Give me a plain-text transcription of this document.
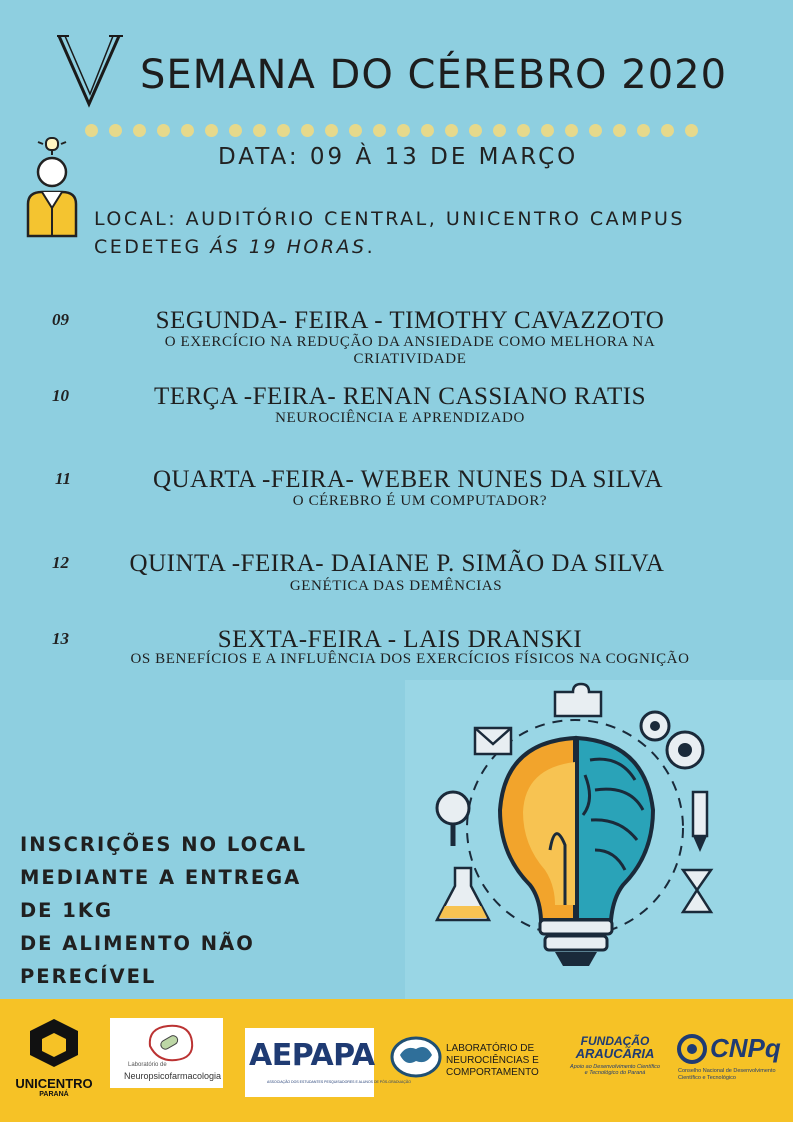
SEMANA DO CÉREBRO 2020
DATA: 09 À 13 DE MARÇO
LOCAL: AUDITÓRIO CENTRAL, UNICENTRO CAMPUS
CEDETEG ÁS 19 HORAS.
09	SEGUNDA- FEIRA - TIMOTHY CAVAZZOTO
O EXERCÍCIO NA REDUÇÃO DA ANSIEDADE COMO MELHORA NA CRIATIVIDADE
10	TERÇA -FEIRA- RENAN CASSIANO RATIS
NEUROCIÊNCIA E APRENDIZADO
11	QUARTA -FEIRA- WEBER NUNES DA SILVA
O CÉREBRO É UM COMPUTADOR?
12	QUINTA -FEIRA- DAIANE P. SIMÃO DA SILVA
GENÉTICA DAS DEMÊNCIAS
13	SEXTA-FEIRA - LAIS DRANSKI
OS BENEFÍCIOS E A INFLUÊNCIA DOS EXERCÍCIOS FÍSICOS NA COGNIÇÃO
INSCRIÇÕES NO LOCAL
MEDIANTE A ENTREGA
DE 1KG
DE ALIMENTO NÃO
PERECÍVEL
UNICENTRO
PARANÁ
Laboratório de
Neuropsicofarmacologia
AEPAPA
ASSOCIAÇÃO DOS ESTUDANTES PESQUISADORES E ALUNOS DE PÓS-GRADUAÇÃO
LABORATÓRIO DE
NEUROCIÊNCIAS E
COMPORTAMENTO
FUNDAÇÃO
ARAUCÁRIA
Apoio ao Desenvolvimento Científico
e Tecnológico do Paraná
CNPq
Conselho Nacional de Desenvolvimento
Científico e Tecnológico
